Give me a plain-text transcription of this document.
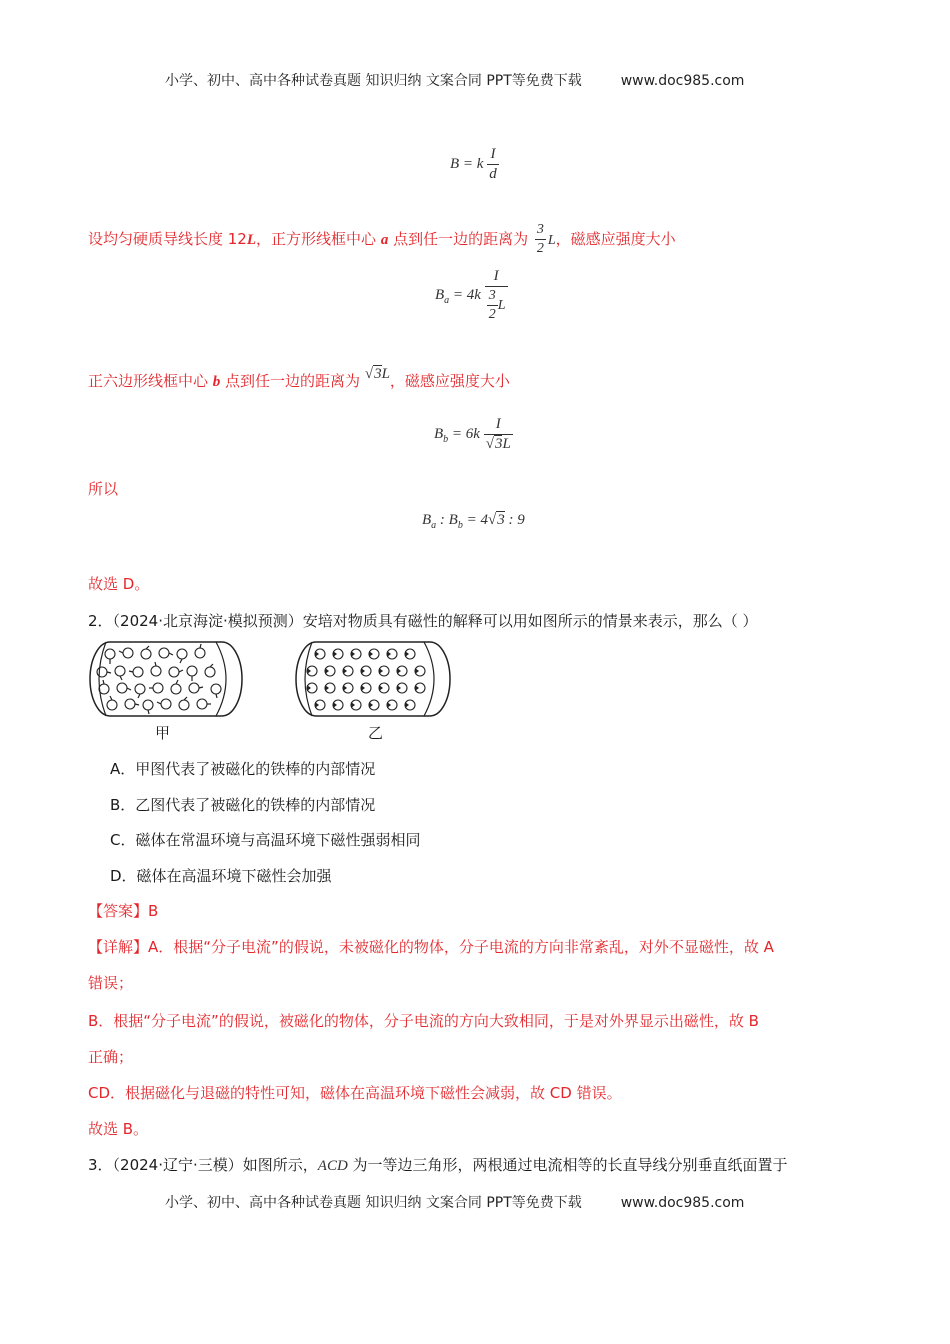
小学、初中、高中各种试卷真题 知识归纳 文案合同 PPT等免费下载	www.doc985.com
B = k $\frac{I}{d}$
设均匀硬质导线长度 12L，正方形线框中心 a 点到任一边的距离为 $\frac{3}{2}$ L，磁感应强度大小
$B_a = 4k \frac{I}{\frac{3}{2} L}$
正六边形线框中心 b 点到任一边的距离为 √3L，磁感应强度大小
$B_b = 6k \frac{I}{√3L}$
所以
$B_a$ : $B_b = 4√3$ : 9
故选 D。
2．（2024·北京海淀·模拟预测）安培对物质具有磁性的解释可以用如图所示的情景来表示，那么（ ）
甲	乙
A．甲图代表了被磁化的铁棒的内部情况
B．乙图代表了被磁化的铁棒的内部情况
C．磁体在常温环境与高温环境下磁性强弱相同
D．磁体在高温环境下磁性会加强
【答案】B
【详解】A．根据“分子电流”的假说，未被磁化的物体，分子电流的方向非常紊乱，对外不显磁性，故 A
错误；
B．根据“分子电流”的假说，被磁化的物体，分子电流的方向大致相同，于是对外界显示出磁性，故 B
正确；
CD．根据磁化与退磁的特性可知，磁体在高温环境下磁性会减弱，故 CD 错误。
故选 B。
3．（2024·辽宁·三模）如图所示，ACD 为一等边三角形，两根通过电流相等的长直导线分别垂直纸面置于
小学、初中、高中各种试卷真题 知识归纳 文案合同 PPT等免费下载	www.doc985.com
